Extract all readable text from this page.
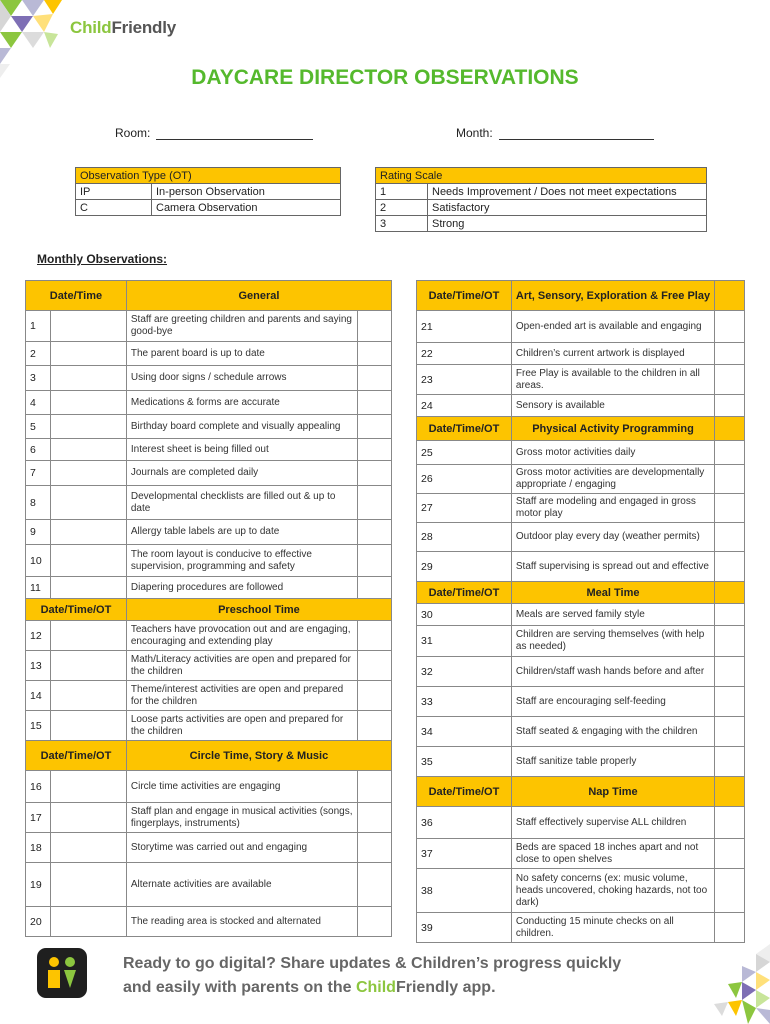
ChildFriendly
DAYCARE DIRECTOR OBSERVATIONS
Room:	Month:
Observation Type (OT)	
IP	In-person Observation
C	Camera Observation
Rating Scale	
1	Needs Improvement / Does not meet expectations
2	Satisfactory
3	Strong
Monthly Observations:
Date/Time		General	
1		Staff are greeting children and parents and saying good-bye	
2		The parent board is up to date	
3		Using door signs / schedule arrows	
4		Medications & forms are accurate	
5		Birthday board complete and visually appealing	
6		Interest sheet is being filled out	
7		Journals are completed daily	
8		Developmental checklists are filled out & up to date	
9		Allergy table labels are up to date	
10		The room layout is conducive to effective supervision, programming and safety	
11		Diapering procedures are followed	
Date/Time/OT		Preschool Time	
12		Teachers have provocation out and are engaging, encouraging and extending play	
13		Math/Literacy activities are open and prepared for the children	
14		Theme/interest activities are open and prepared for the children	
15		Loose parts activities are open and prepared for the children	
Date/Time/OT		Circle Time, Story & Music	
16		Circle time activities are engaging	
17		Staff plan and engage in musical activities (songs, fingerplays, instruments)	
18		Storytime was carried out and engaging	
19		Alternate activities are available	
20		The reading area is stocked and alternated	
Date/Time/OT	Art, Sensory, Exploration & Free Play	
21	Open-ended art is available and engaging	
22	Children’s current artwork is displayed	
23	Free Play is available to the children in all areas.	
24	Sensory is available	
Date/Time/OT	Physical Activity Programming	
25	Gross motor activities daily	
26	Gross motor activities are developmentally appropriate / engaging	
27	Staff are modeling and engaged in gross motor play	
28	Outdoor play every day (weather permits)	
29	Staff supervising is spread out and effective	
Date/Time/OT	Meal Time	
30	Meals are served family style	
31	Children are serving themselves (with help as needed)	
32	Children/staff wash hands before and after	
33	Staff are encouraging self-feeding	
34	Staff seated & engaging with the children	
35	Staff sanitize table properly	
Date/Time/OT	Nap Time	
36	Staff effectively supervise ALL children	
37	Beds are spaced 18 inches apart and not close to open shelves	
38	No safety concerns (ex: music volume, heads uncovered, choking hazards, not too dark)	
39	Conducting 15 minute checks on all children.	
Ready to go digital? Share updates & Children’s progress quickly
and easily with parents on the ChildFriendly app.
